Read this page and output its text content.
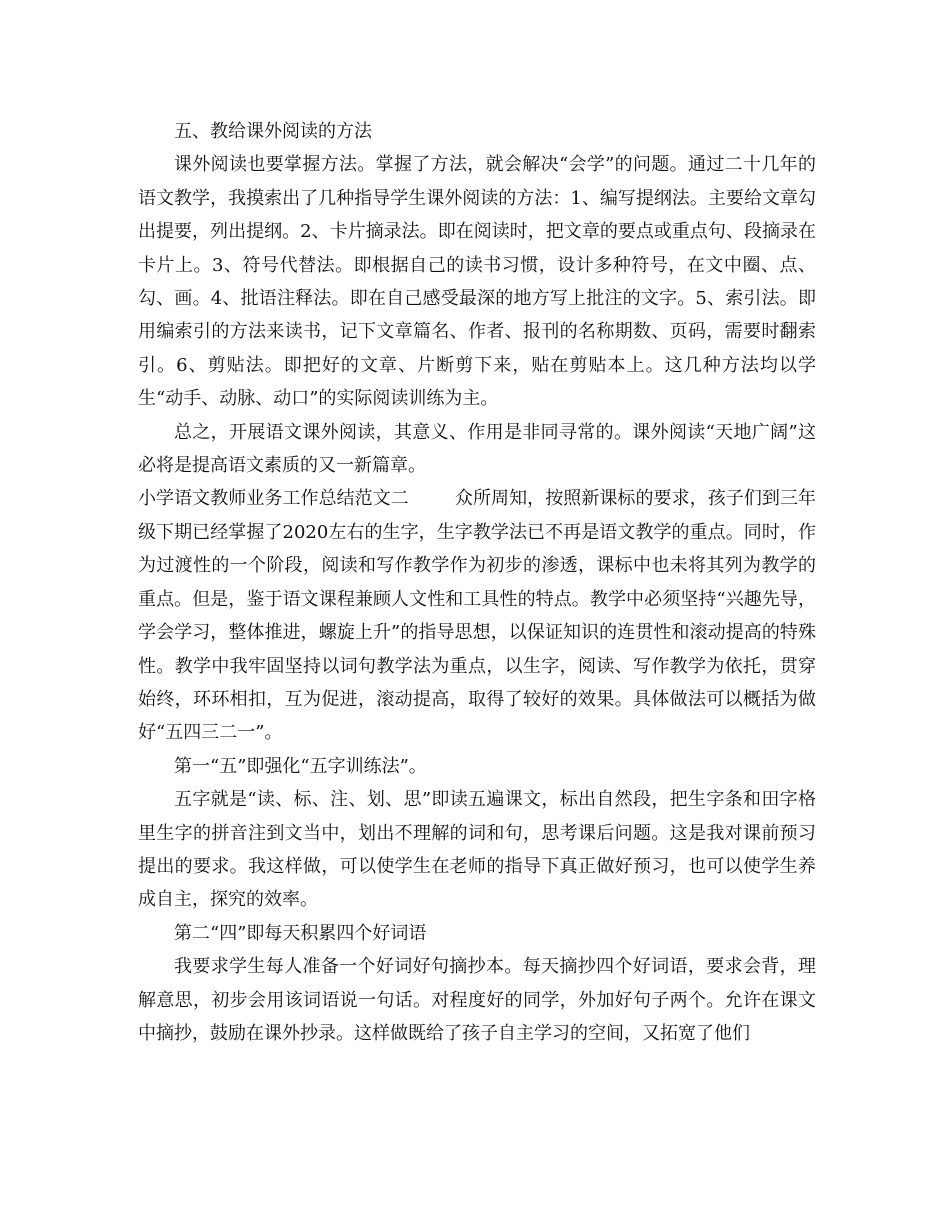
五、教给课外阅读的方法

课外阅读也要掌握方法。掌握了方法，就会解决“会学”的问题。通过二十几年的语文教学，我摸索出了几种指导学生课外阅读的方法：1、编写提纲法。主要给文章勾出提要，列出提纲。2、卡片摘录法。即在阅读时，把文章的要点或重点句、段摘录在卡片上。3、符号代替法。即根据自己的读书习惯，设计多种符号，在文中圈、点、勾、画。4、批语注释法。即在自己感受最深的地方写上批注的文字。5、索引法。即用编索引的方法来读书，记下文章篇名、作者、报刊的名称期数、页码，需要时翻索引。6、剪贴法。即把好的文章、片断剪下来，贴在剪贴本上。这几种方法均以学生“动手、动脉、动口”的实际阅读训练为主。

总之，开展语文课外阅读，其意义、作用是非同寻常的。课外阅读“天地广阔”这必将是提高语文素质的又一新篇章。

小学语文教师业务工作总结范文二	众所周知，按照新课标的要求，孩子们到三年级下期已经掌握了2020左右的生字，生字教学法已不再是语文教学的重点。同时，作为过渡性的一个阶段，阅读和写作教学作为初步的渗透，课标中也未将其列为教学的重点。但是，鉴于语文课程兼顾人文性和工具性的特点。教学中必须坚持“兴趣先导，学会学习，整体推进，螺旋上升”的指导思想，以保证知识的连贯性和滚动提高的特殊性。教学中我牢固坚持以词句教学法为重点，以生字，阅读、写作教学为依托，贯穿始终，环环相扣，互为促进，滚动提高，取得了较好的效果。具体做法可以概括为做好“五四三二一”。

第一“五”即强化“五字训练法”。

五字就是“读、标、注、划、思”即读五遍课文，标出自然段，把生字条和田字格里生字的拼音注到文当中，划出不理解的词和句，思考课后问题。这是我对课前预习提出的要求。我这样做，可以使学生在老师的指导下真正做好预习，也可以使学生养成自主，探究的效率。

第二“四”即每天积累四个好词语

我要求学生每人准备一个好词好句摘抄本。每天摘抄四个好词语，要求会背，理解意思，初步会用该词语说一句话。对程度好的同学，外加好句子两个。允许在课文中摘抄，鼓励在课外抄录。这样做既给了孩子自主学习的空间，又拓宽了他们
